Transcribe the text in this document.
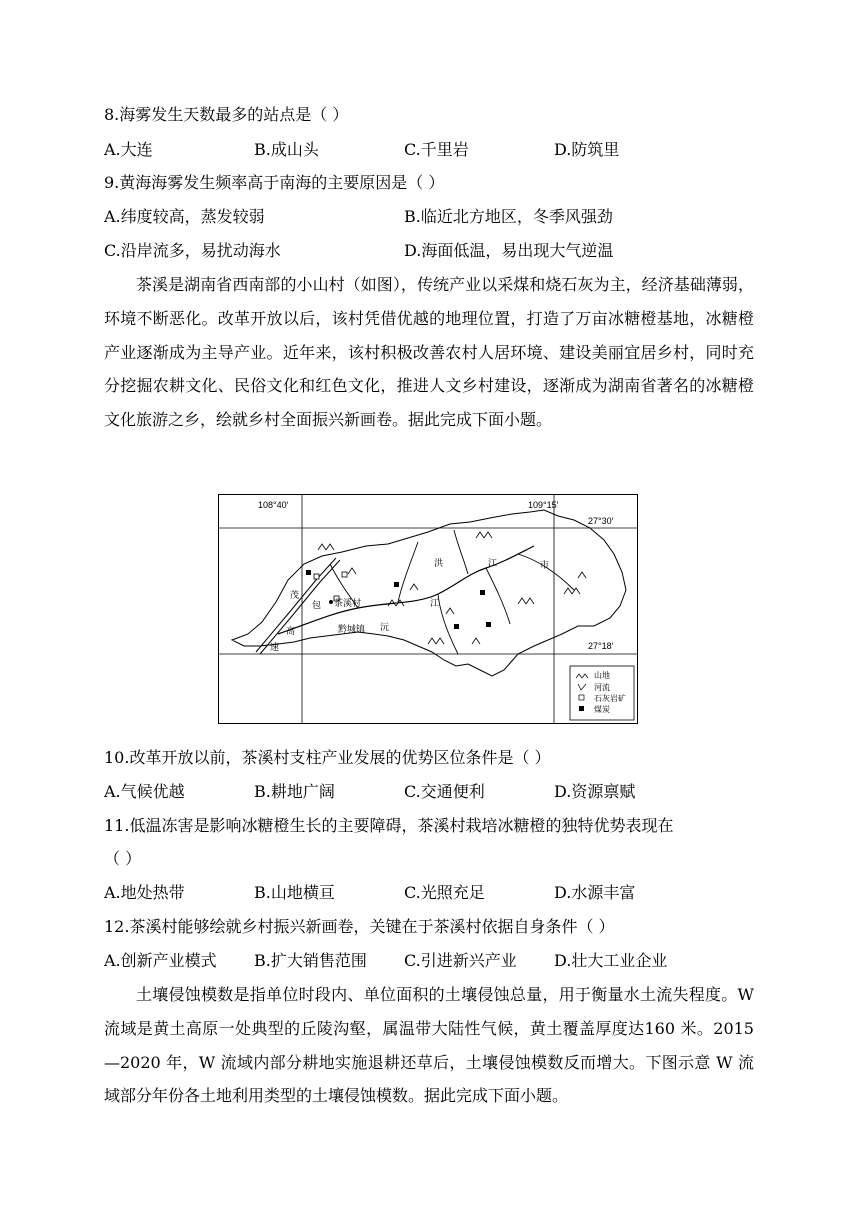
8.海雾发生天数最多的站点是（ ）
A.大连	B.成山头	C.千里岩	D.防筑里
9.黄海海雾发生频率高于南海的主要原因是（ ）
A.纬度较高，蒸发较弱	B.临近北方地区，冬季风强劲
C.沿岸流多，易扰动海水	D.海面低温，易出现大气逆温
茶溪是湖南省西南部的小山村（如图），传统产业以采煤和烧石灰为主，经济基础薄弱，环境不断恶化。改革开放以后，该村凭借优越的地理位置，打造了万亩冰糖橙基地，冰糖橙产业逐渐成为主导产业。近年来，该村积极改善农村人居环境、建设美丽宜居乡村，同时充分挖掘农耕文化、民俗文化和红色文化，推进人文乡村建设，逐渐成为湖南省著名的冰糖橙文化旅游之乡，绘就乡村全面振兴新画卷。据此完成下面小题。
108°40′	109°15′
27°30′
27°18′
洪	江	市
江
沅
茂
包 茶溪村
黔城镇
高
速
山地
河流
石灰岩矿
煤炭
10.改革开放以前，茶溪村支柱产业发展的优势区位条件是（ ）
A.气候优越	B.耕地广阔	C.交通便利	D.资源禀赋
11.低温冻害是影响冰糖橙生长的主要障碍，茶溪村栽培冰糖橙的独特优势表现在
（ ）
A.地处热带	B.山地横亘	C.光照充足	D.水源丰富
12.茶溪村能够绘就乡村振兴新画卷，关键在于茶溪村依据自身条件（ ）
A.创新产业模式 B.扩大销售范围 C.引进新兴产业 D.壮大工业企业
土壤侵蚀模数是指单位时段内、单位面积的土壤侵蚀总量，用于衡量水土流失程度。W 流域是黄土高原一处典型的丘陵沟壑，属温带大陆性气候，黄土覆盖厚度达160 米。2015—2020 年，W 流域内部分耕地实施退耕还草后，土壤侵蚀模数反而增大。下图示意 W 流域部分年份各土地利用类型的土壤侵蚀模数。据此完成下面小题。
